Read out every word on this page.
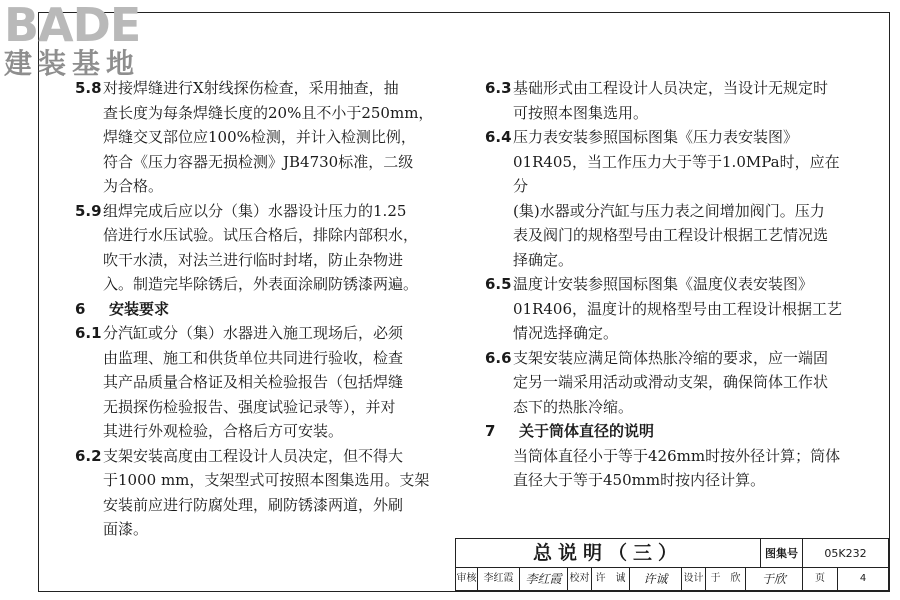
BADE
建装基地
5.8 对接焊缝进行X射线探伤检查，采用抽查，抽
查长度为每条焊缝长度的20%且不小于250mm，
焊缝交叉部位应100%检测，并计入检测比例，
符合《压力容器无损检测》JB4730标准，二级
为合格。
5.9 组焊完成后应以分（集）水器设计压力的1.25
倍进行水压试验。试压合格后，排除内部积水，
吹干水渍，对法兰进行临时封堵，防止杂物进
入。制造完毕除锈后，外表面涂刷防锈漆两遍。
6	安装要求
6.1 分汽缸或分（集）水器进入施工现场后，必须
由监理、施工和供货单位共同进行验收，检查
其产品质量合格证及相关检验报告（包括焊缝
无损探伤检验报告、强度试验记录等），并对
其进行外观检验，合格后方可安装。
6.2 支架安装高度由工程设计人员决定，但不得大
于1000 mm，支架型式可按照本图集选用。支架
安装前应进行防腐处理，刷防锈漆两道，外刷
面漆。
6.3 基础形式由工程设计人员决定，当设计无规定时
可按照本图集选用。
6.4 压力表安装参照国标图集《压力表安装图》
01R405，当工作压力大于等于1.0MPa时，应在分
(集)水器或分汽缸与压力表之间增加阀门。压力
表及阀门的规格型号由工程设计根据工艺情况选
择确定。
6.5 温度计安装参照国标图集《温度仪表安装图》
01R406，温度计的规格型号由工程设计根据工艺
情况选择确定。
6.6 支架安装应满足筒体热胀冷缩的要求，应一端固
定另一端采用活动或滑动支架，确保筒体工作状
态下的热胀冷缩。
7	关于筒体直径的说明
当筒体直径小于等于426mm时按外径计算；筒体
直径大于等于450mm时按内径计算。
总说明（三）	图集号	05K232
审核 李红霞 李红霞 校对 许　诚	许诚	设计 于　欣	于欣	页	4
